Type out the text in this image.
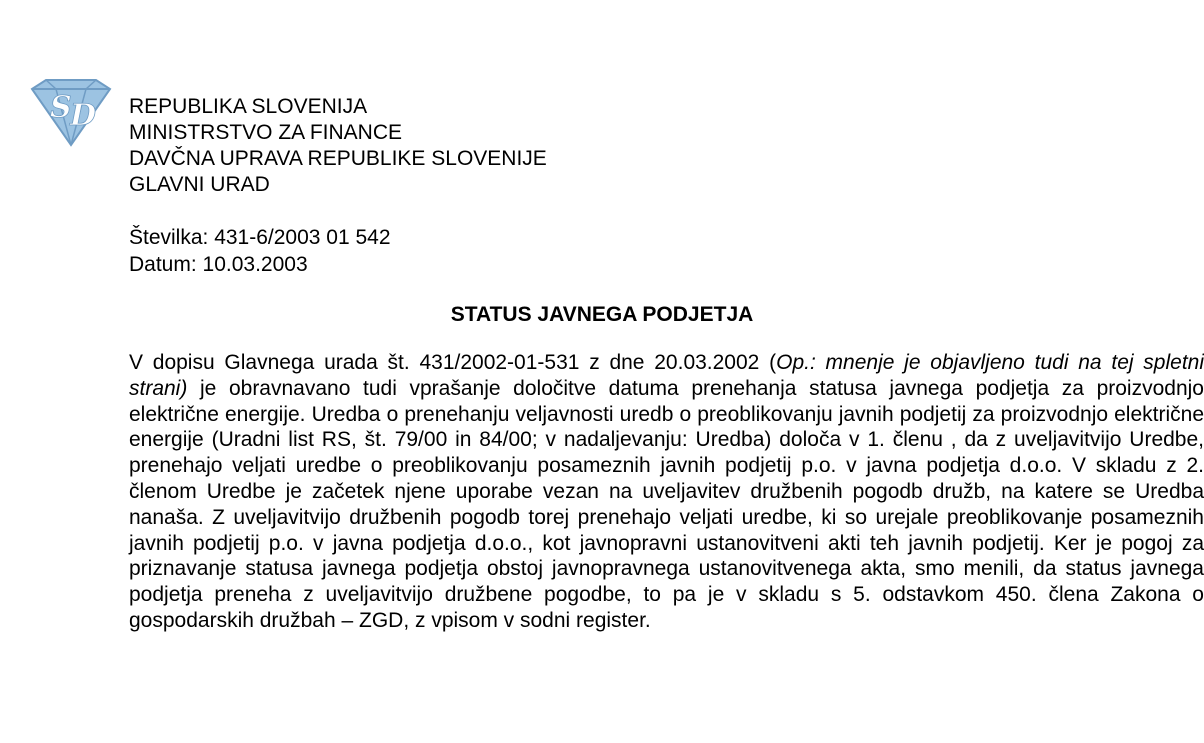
S
D REPUBLIKA SLOVENIJA
MINISTRSTVO ZA FINANCE
DAVČNA UPRAVA REPUBLIKE SLOVENIJE
GLAVNI URAD
Številka: 431-6/2003 01 542
Datum: 10.03.2003
STATUS JAVNEGA PODJETJA
V dopisu Glavnega urada št. 431/2002-01-531 z dne 20.03.2002 (Op.: mnenje je objavljeno tudi na tej spletni strani) je obravnavano tudi vprašanje določitve datuma prenehanja statusa javnega podjetja za proizvodnjo električne energije. Uredba o prenehanju veljavnosti uredb o preoblikovanju javnih podjetij za proizvodnjo električne energije (Uradni list RS, št. 79/00 in 84/00; v nadaljevanju: Uredba) določa v 1. členu , da z uveljavitvijo Uredbe, prenehajo veljati uredbe o preoblikovanju posameznih javnih podjetij p.o. v javna podjetja d.o.o. V skladu z 2. členom Uredbe je začetek njene uporabe vezan na uveljavitev družbenih pogodb družb, na katere se Uredba nanaša. Z uveljavitvijo družbenih pogodb torej prenehajo veljati uredbe, ki so urejale preoblikovanje posameznih javnih podjetij p.o. v javna podjetja d.o.o., kot javnopravni ustanovitveni akti teh javnih podjetij. Ker je pogoj za priznavanje statusa javnega podjetja obstoj javnopravnega ustanovitvenega akta, smo menili, da status javnega podjetja preneha z uveljavitvijo družbene pogodbe, to pa je v skladu s 5. odstavkom 450. člena Zakona o gospodarskih družbah – ZGD, z vpisom v sodni register.
